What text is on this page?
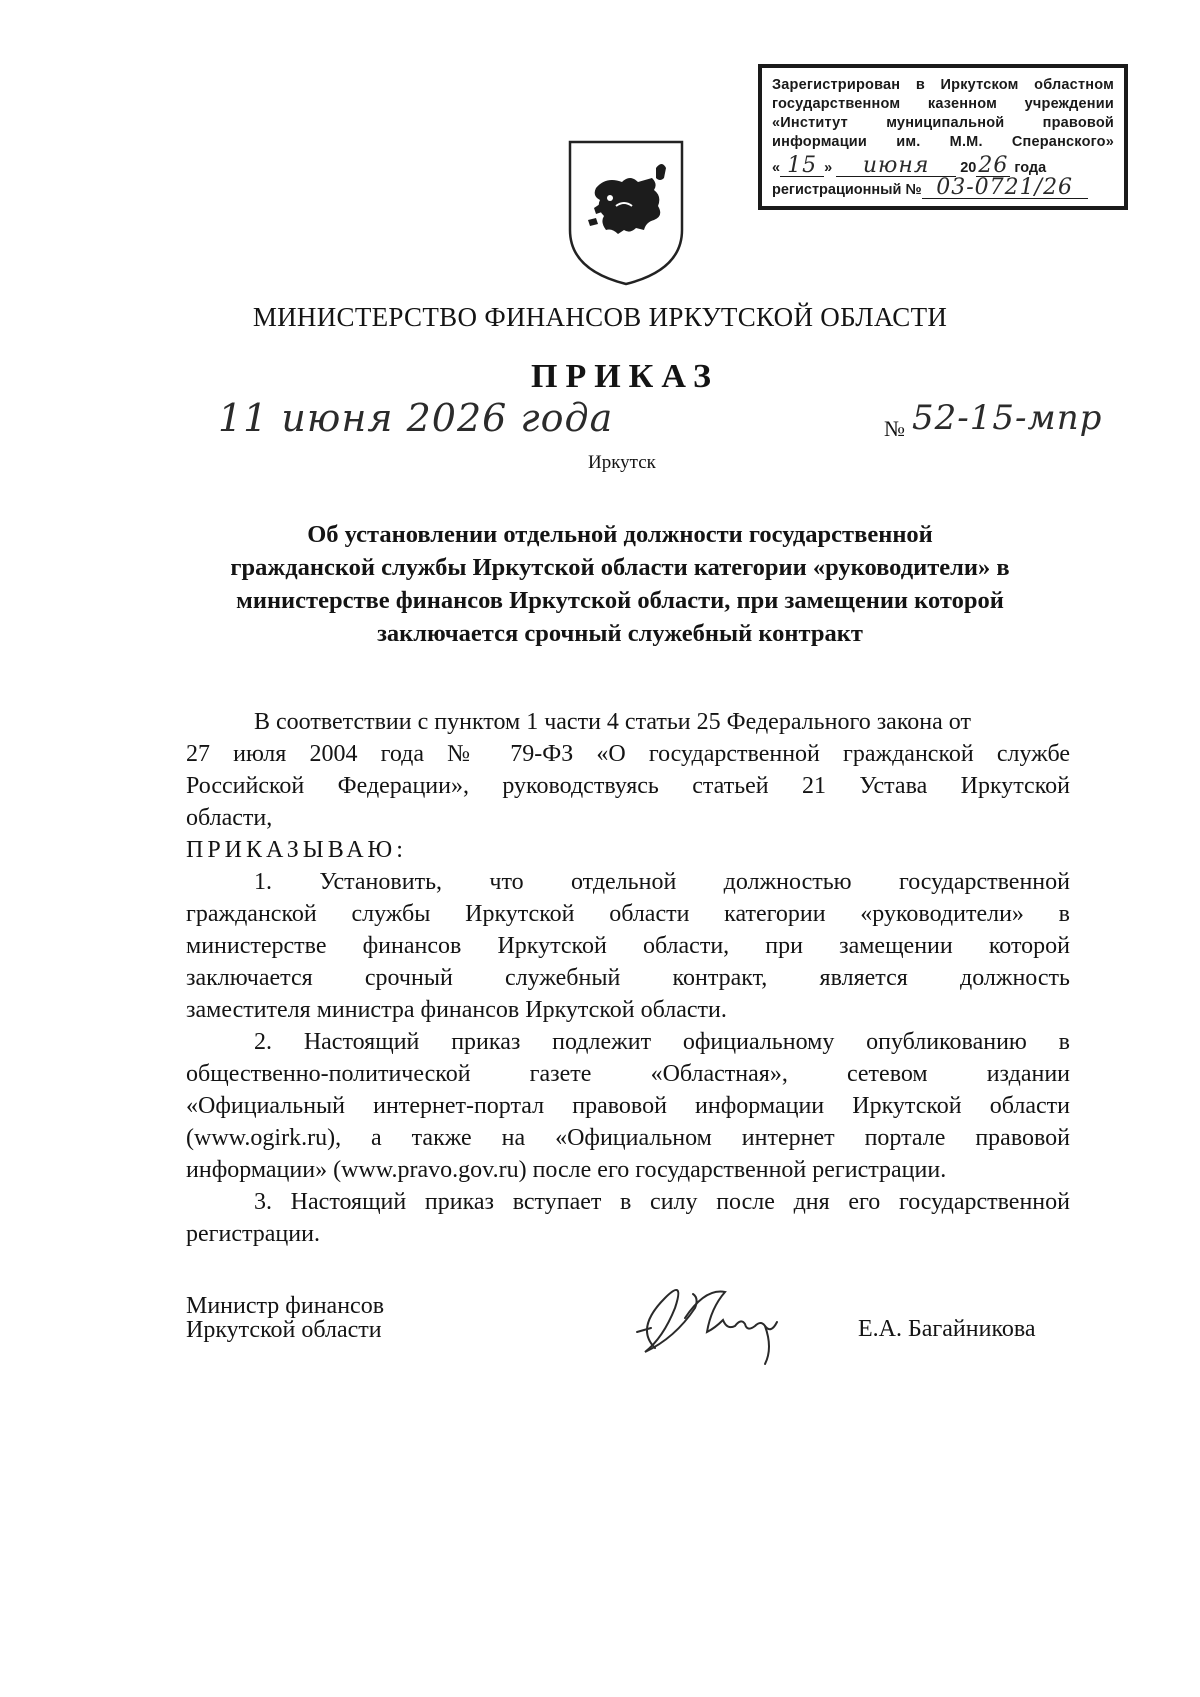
Зарегистрирован в Иркутском областном
государственном казенном учреждении
«Институт муниципальной правовой
информации им. М.М. Сперанского»
« 15 » июня 2026 года
регистрационный № 03-0721/26
МИНИСТЕРСТВО ФИНАНСОВ ИРКУТСКОЙ ОБЛАСТИ
ПРИКАЗ
11 июня 2026 года	№ 52-15-мпр
Иркутск
Об установлении отдельной должности государственной
гражданской службы Иркутской области категории «руководители» в
министерстве финансов Иркутской области, при замещении которой
заключается срочный служебный контракт
В соответствии с пунктом 1 части 4 статьи 25 Федерального закона от
27 июля 2004 года № 79-ФЗ «О государственной гражданской службе
Российской Федерации», руководствуясь статьей 21 Устава Иркутской
области,
ПРИКАЗЫВАЮ:
1. Установить, что отдельной должностью государственной
гражданской службы Иркутской области категории «руководители» в
министерстве финансов Иркутской области, при замещении которой
заключается срочный служебный контракт, является должность
заместителя министра финансов Иркутской области.
2. Настоящий приказ подлежит официальному опубликованию в
общественно-политической газете «Областная», сетевом издании
«Официальный интернет-портал правовой информации Иркутской области
(www.ogirk.ru), а также на «Официальном интернет портале правовой
информации» (www.pravo.gov.ru) после его государственной регистрации.
3. Настоящий приказ вступает в силу после дня его государственной
регистрации.
Министр финансов
Иркутской области	Е.А. Багайникова
